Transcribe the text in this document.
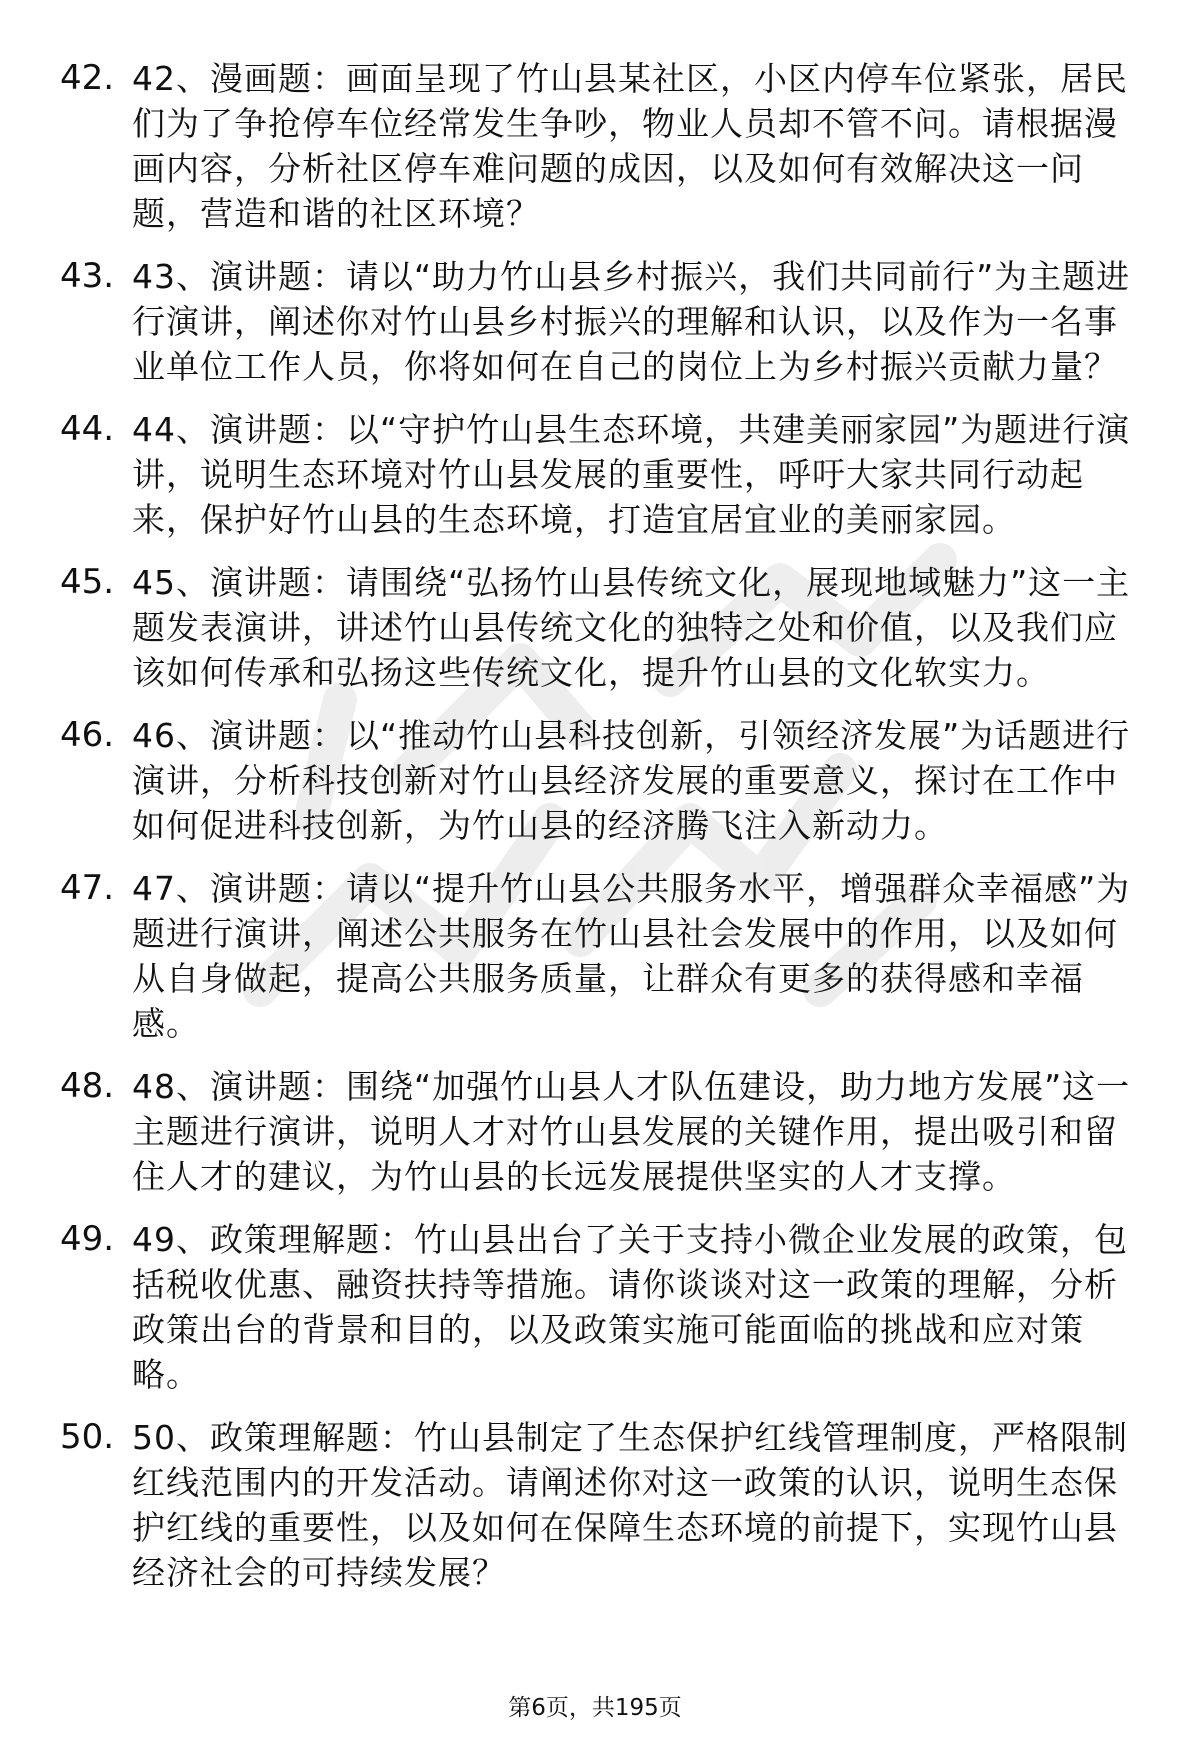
42. 42、漫画题：画面呈现了竹山县某社区，小区内停车位紧张，居民们为了争抢停车位经常发生争吵，物业人员却不管不问。请根据漫画内容，分析社区停车难问题的成因，以及如何有效解决这一问题，营造和谐的社区环境？
43. 43、演讲题：请以“助力竹山县乡村振兴，我们共同前行”为主题进行演讲，阐述你对竹山县乡村振兴的理解和认识，以及作为一名事业单位工作人员，你将如何在自己的岗位上为乡村振兴贡献力量？
44. 44、演讲题：以“守护竹山县生态环境，共建美丽家园”为题进行演讲，说明生态环境对竹山县发展的重要性，呼吁大家共同行动起来，保护好竹山县的生态环境，打造宜居宜业的美丽家园。
45. 45、演讲题：请围绕“弘扬竹山县传统文化，展现地域魅力”这一主题发表演讲，讲述竹山县传统文化的独特之处和价值，以及我们应该如何传承和弘扬这些传统文化，提升竹山县的文化软实力。
46. 46、演讲题：以“推动竹山县科技创新，引领经济发展”为话题进行演讲，分析科技创新对竹山县经济发展的重要意义，探讨在工作中如何促进科技创新，为竹山县的经济腾飞注入新动力。
47. 47、演讲题：请以“提升竹山县公共服务水平，增强群众幸福感”为题进行演讲，阐述公共服务在竹山县社会发展中的作用，以及如何从自身做起，提高公共服务质量，让群众有更多的获得感和幸福感。
48. 48、演讲题：围绕“加强竹山县人才队伍建设，助力地方发展”这一主题进行演讲，说明人才对竹山县发展的关键作用，提出吸引和留住人才的建议，为竹山县的长远发展提供坚实的人才支撑。
49. 49、政策理解题：竹山县出台了关于支持小微企业发展的政策，包括税收优惠、融资扶持等措施。请你谈谈对这一政策的理解，分析政策出台的背景和目的，以及政策实施可能面临的挑战和应对策略。
50. 50、政策理解题：竹山县制定了生态保护红线管理制度，严格限制红线范围内的开发活动。请阐述你对这一政策的认识，说明生态保护红线的重要性，以及如何在保障生态环境的前提下，实现竹山县经济社会的可持续发展？
第6页，共195页
